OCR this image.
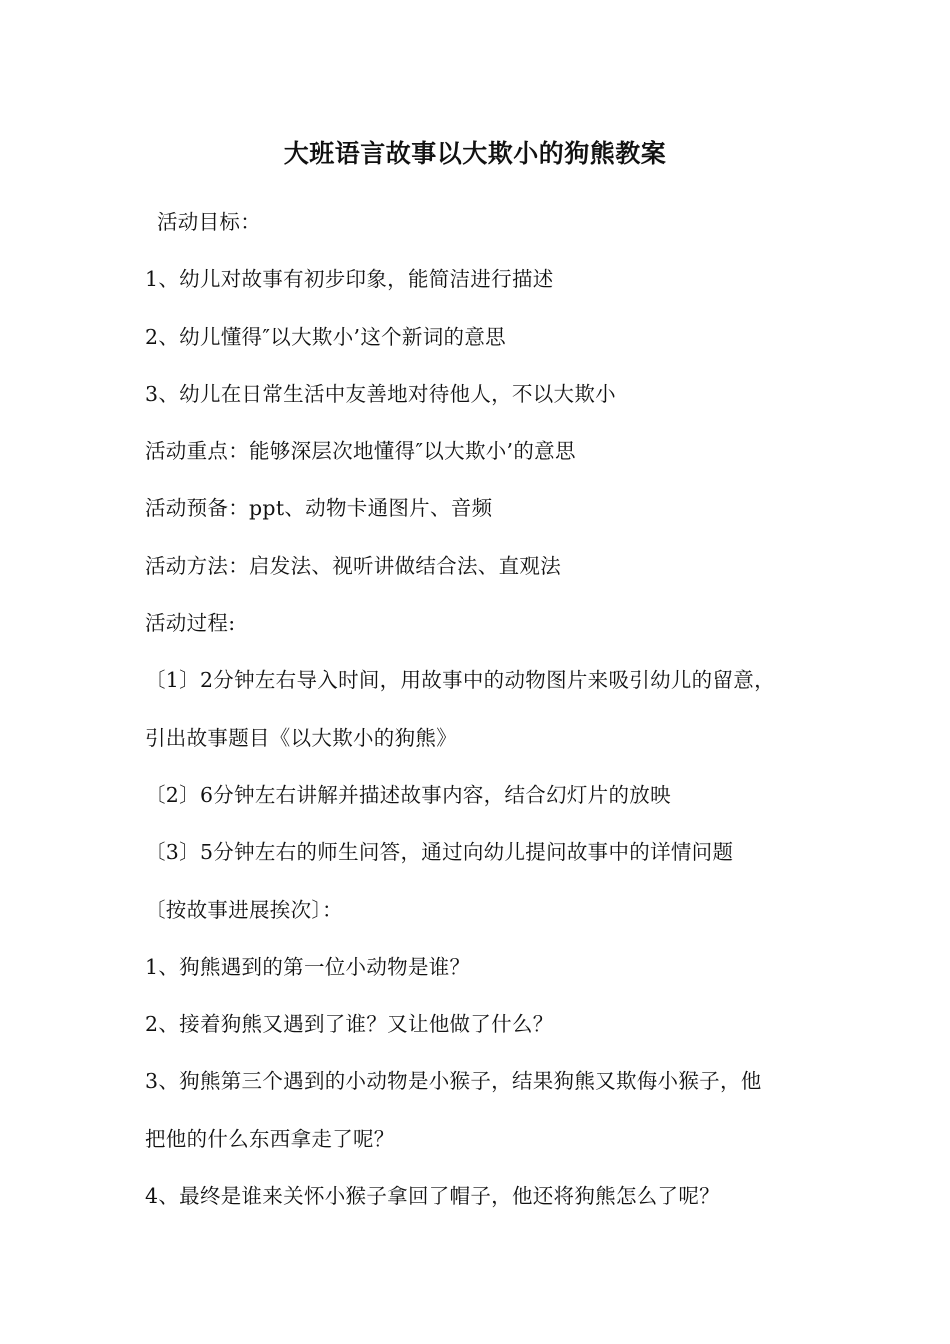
大班语言故事以大欺小的狗熊教案
活动目标：
1、幼儿对故事有初步印象，能简洁进行描述
2、幼儿懂得″以大欺小’这个新词的意思
3、幼儿在日常生活中友善地对待他人，不以大欺小
活动重点：能够深层次地懂得″以大欺小’的意思
活动预备：ppt、动物卡通图片、音频
活动方法：启发法、视听讲做结合法、直观法
活动过程:
〔1〕2分钟左右导入时间，用故事中的动物图片来吸引幼儿的留意，
引出故事题目《以大欺小的狗熊》
〔2〕6分钟左右讲解并描述故事内容，结合幻灯片的放映
〔3〕5分钟左右的师生问答，通过向幼儿提问故事中的详情问题
〔按故事进展挨次〕：
1、狗熊遇到的第一位小动物是谁？
2、接着狗熊又遇到了谁？又让他做了什么？
3、狗熊第三个遇到的小动物是小猴子，结果狗熊又欺侮小猴子，他
把他的什么东西拿走了呢？
4、最终是谁来关怀小猴子拿回了帽子，他还将狗熊怎么了呢？
